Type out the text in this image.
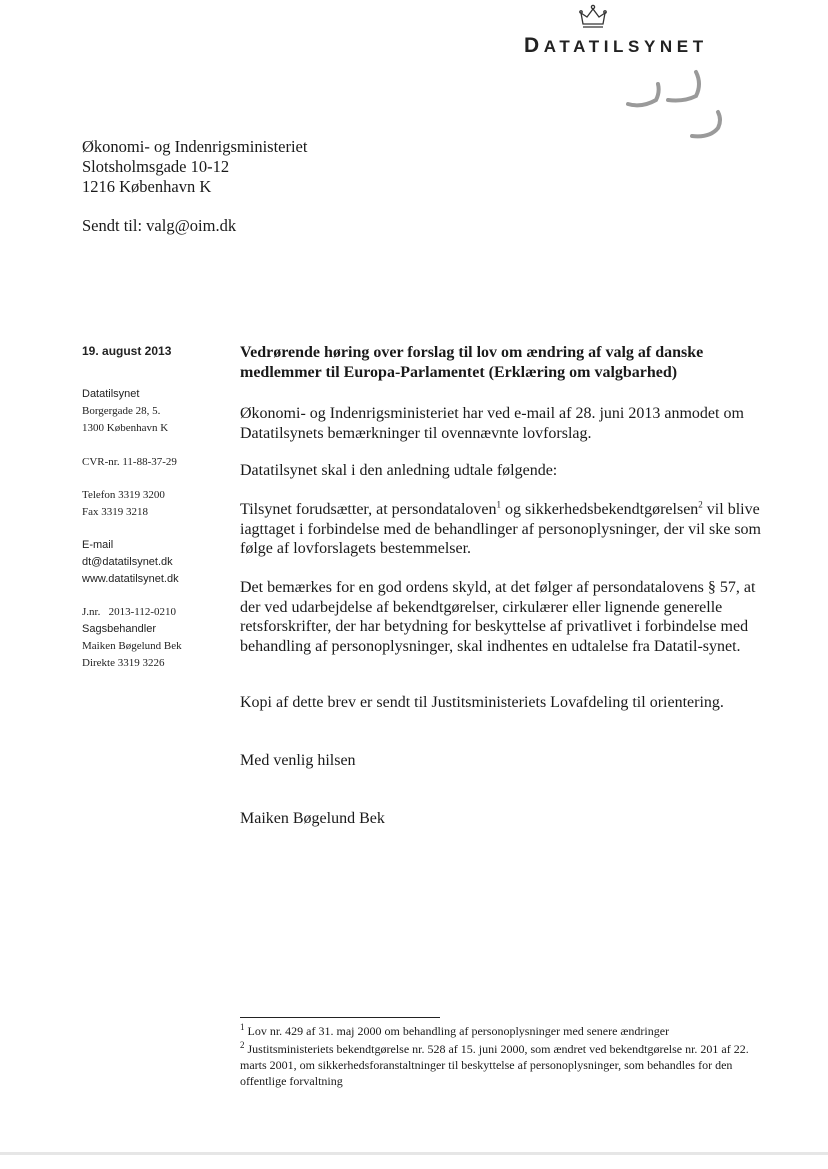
DATATILSYNET
Økonomi- og Indenrigsministeriet
Slotsholmsgade 10-12
1216 København K
Sendt til: valg@oim.dk
19. august 2013
Datatilsynet
Borgergade 28, 5.
1300 København K
CVR-nr. 11-88-37-29
Telefon 3319 3200
Fax 3319 3218
E-mail
dt@datatilsynet.dk
www.datatilsynet.dk
J.nr.   2013-112-0210
Sagsbehandler
Maiken Bøgelund Bek
Direkte 3319 3226
Vedrørende høring over forslag til lov om ændring af valg af danske medlemmer til Europa-Parlamentet (Erklæring om valgbarhed)
Økonomi- og Indenrigsministeriet har ved e-mail af 28. juni 2013 anmodet om Datatilsynets bemærkninger til ovennævnte lovforslag.
Datatilsynet skal i den anledning udtale følgende:
Tilsynet forudsætter, at persondataloven$^1$ og sikkerhedsbekendtgørelsen$^2$ vil blive iagttaget i forbindelse med de behandlinger af personoplysninger, der vil ske som følge af lovforslagets bestemmelser.
Det bemærkes for en god ordens skyld, at det følger af persondatalovens § 57, at der ved udarbejdelse af bekendtgørelser, cirkulærer eller lignende generelle retsforskrifter, der har betydning for beskyttelse af privatlivet i forbindelse med behandling af personoplysninger, skal indhentes en udtalelse fra Datatil-synet.
Kopi af dette brev er sendt til Justitsministeriets Lovafdeling til orientering.
Med venlig hilsen
Maiken Bøgelund Bek
$^1$ Lov nr. 429 af 31. maj 2000 om behandling af personoplysninger med senere ændringer
$^2$ Justitsministeriets bekendtgørelse nr. 528 af 15. juni 2000, som ændret ved bekendtgørelse nr. 201 af 22. marts 2001, om sikkerhedsforanstaltninger til beskyttelse af personoplysninger, som behandles for den offentlige forvaltning
